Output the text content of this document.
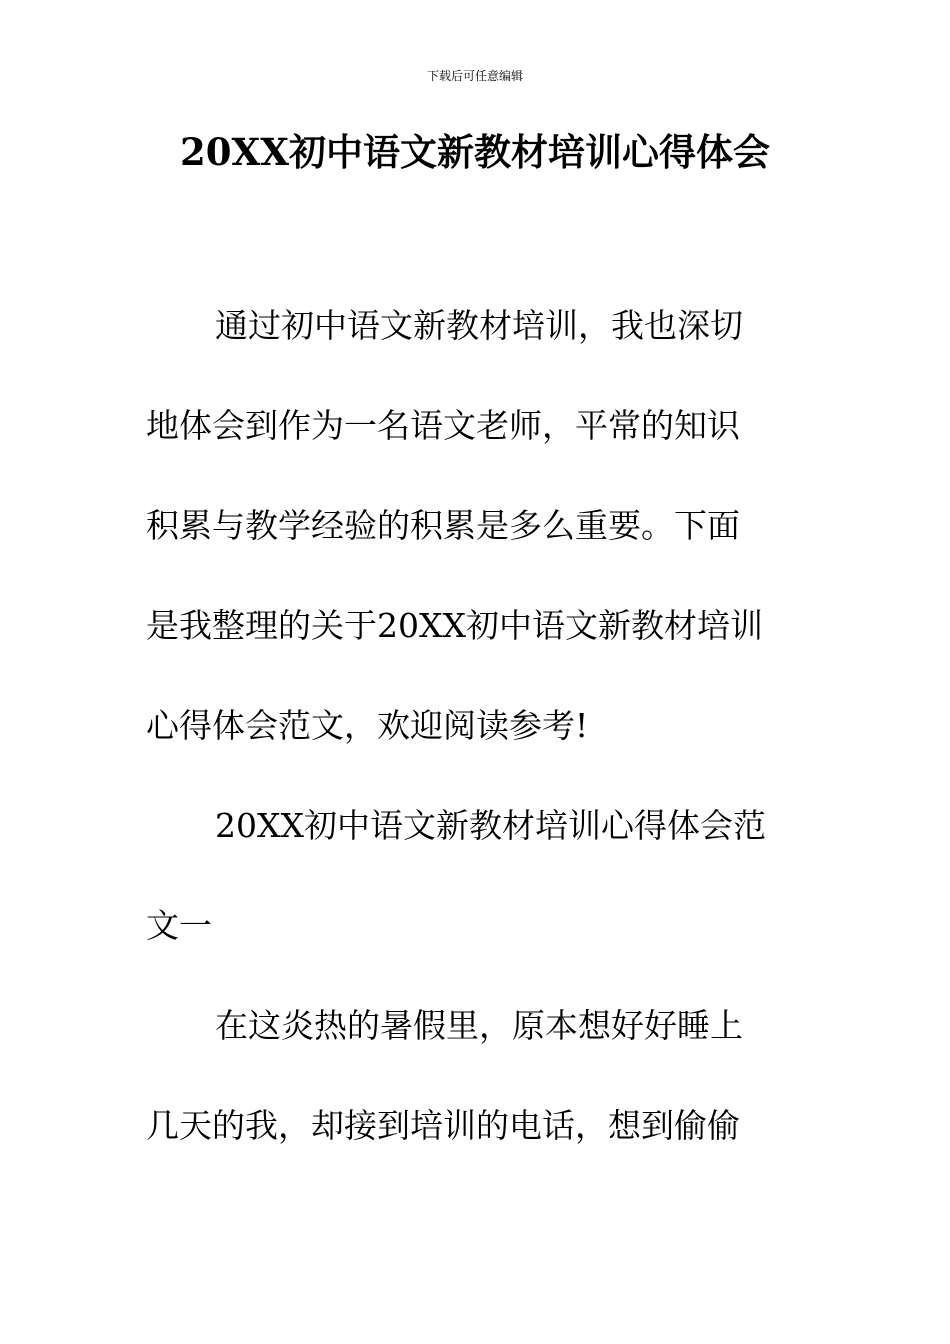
下载后可任意编辑
20XX初中语文新教材培训心得体会
通过初中语文新教材培训，我也深切
地体会到作为一名语文老师，平常的知识
积累与教学经验的积累是多么重要。下面
是我整理的关于20XX初中语文新教材培训
心得体会范文，欢迎阅读参考!
20XX初中语文新教材培训心得体会范
文一
在这炎热的暑假里，原本想好好睡上
几天的我，却接到培训的电话，想到偷偷
